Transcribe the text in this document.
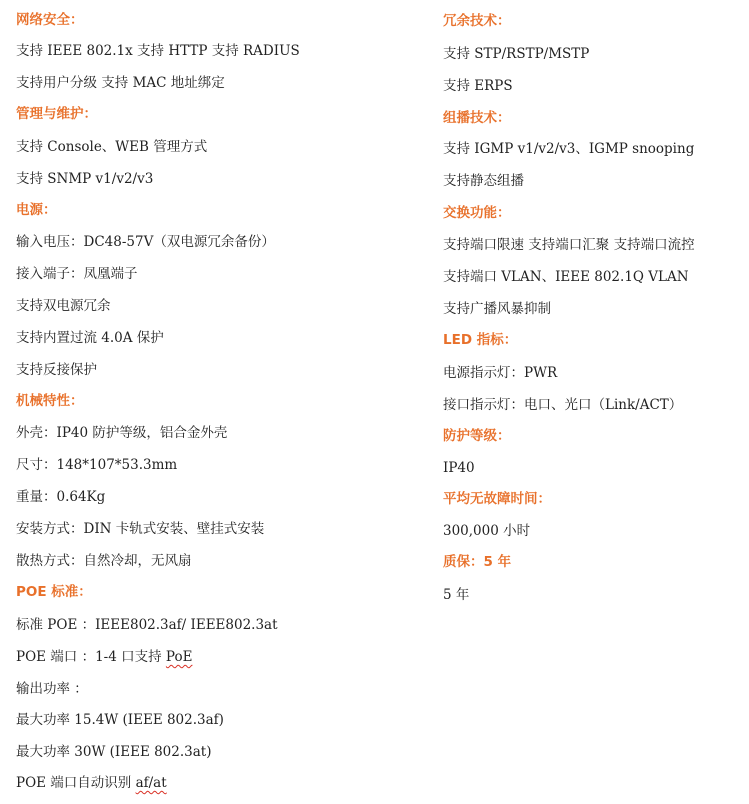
网络安全：
支持 IEEE 802.1x 支持 HTTP 支持 RADIUS
支持用户分级 支持 MAC 地址绑定
管理与维护：
支持 Console、WEB 管理方式
支持 SNMP v1/v2/v3
电源：
输入电压：DC48-57V（双电源冗余备份）
接入端子：凤凰端子
支持双电源冗余
支持内置过流 4.0A 保护
支持反接保护
机械特性：
外壳：IP40 防护等级，铝合金外壳
尺寸：148*107*53.3mm
重量：0.64Kg
安装方式：DIN 卡轨式安装、壁挂式安装
散热方式：自然冷却，无风扇
POE 标准：
标准 POE ：IEEE802.3af/ IEEE802.3at
POE 端口 ：1-4 口支持 PoE
输出功率 ：
最大功率 15.4W (IEEE 802.3af)
最大功率 30W (IEEE 802.3at)
POE 端口自动识别 af/at
冗余技术：
支持 STP/RSTP/MSTP
支持 ERPS
组播技术：
支持 IGMP v1/v2/v3、IGMP snooping
支持静态组播
交换功能：
支持端口限速 支持端口汇聚 支持端口流控
支持端口 VLAN、IEEE 802.1Q VLAN
支持广播风暴抑制
LED 指标：
电源指示灯：PWR
接口指示灯：电口、光口（Link/ACT）
防护等级：
IP40
平均无故障时间：
300,000 小时
质保：5 年
5 年
